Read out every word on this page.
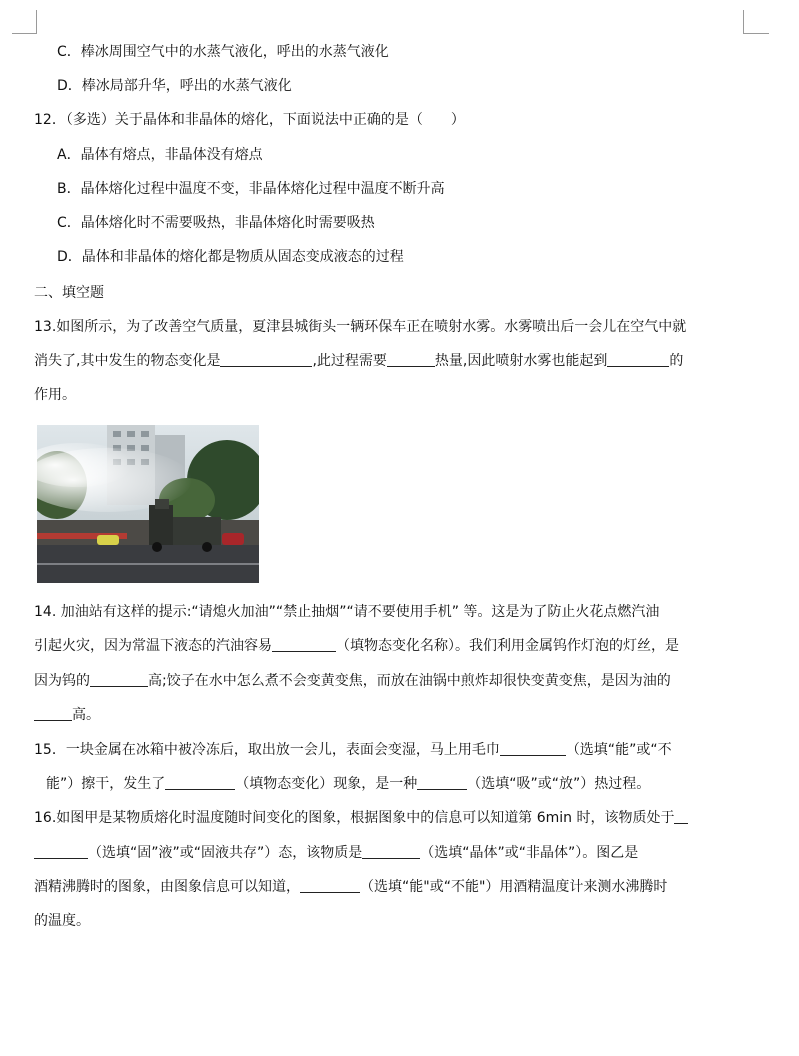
C．棒冰周围空气中的水蒸气液化，呼出的水蒸气液化
D．棒冰局部升华，呼出的水蒸气液化
12．（多选）关于晶体和非晶体的熔化，下面说法中正确的是（　　）
A．晶体有熔点，非晶体没有熔点
B．晶体熔化过程中温度不变，非晶体熔化过程中温度不断升高
C．晶体熔化时不需要吸热，非晶体熔化时需要吸热
D．晶体和非晶体的熔化都是物质从固态变成液态的过程
二、填空题
13.如图所示，为了改善空气质量，夏津县城街头一辆环保车正在喷射水雾。水雾喷出后一会儿在空气中就
消失了,其中发生的物态变化是	,此过程需要	热量,因此喷射水雾也能起到	的
作用。
14. 加油站有这样的提示:“请熄火加油”“禁止抽烟”“请不要使用手机” 等。这是为了防止火花点燃汽油
引起火灾，因为常温下液态的汽油容易	（填物态变化名称）。我们利用金属钨作灯泡的灯丝，是
因为钨的	高;饺子在水中怎么煮不会变黄变焦，而放在油锅中煎炸却很快变黄变焦，是因为油的
高。
15．一块金属在冰箱中被冷冻后，取出放一会儿，表面会变湿，马上用毛巾	（选填“能”或“不
能”）擦干，发生了	（填物态变化）现象，是一种	（选填“吸”或“放”）热过程。
16.如图甲是某物质熔化时温度随时间变化的图象，根据图象中的信息可以知道第 6min 时，该物质处于
（选填“固”液”或“固液共存”）态，该物质是	（选填“晶体”或“非晶体”）。图乙是
酒精沸腾时的图象，由图象信息可以知道，	（选填“能"或“不能"）用酒精温度计来测水沸腾时
的温度。
